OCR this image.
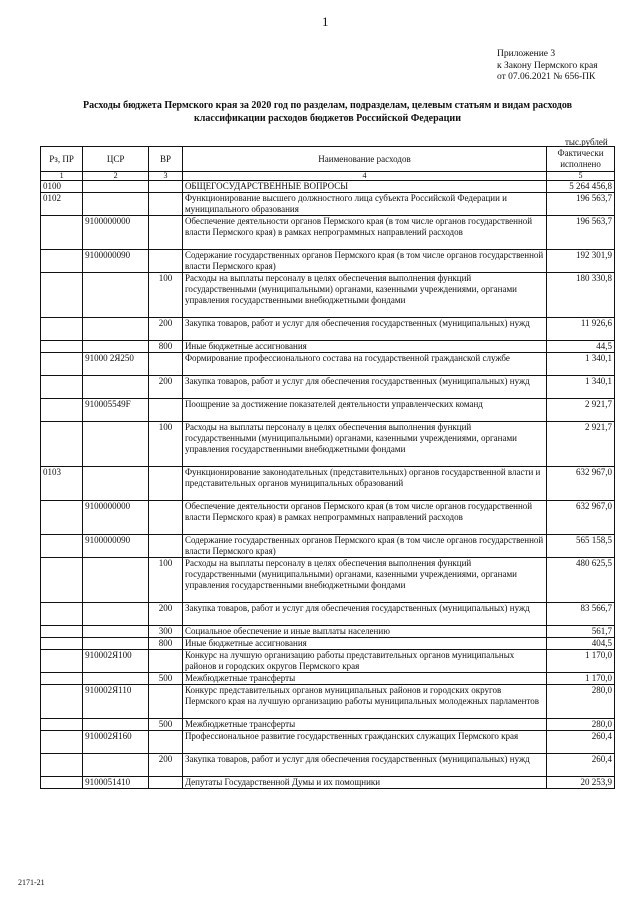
1
Приложение 3
к Закону Пермского края
от 07.06.2021 № 656-ПК
Расходы бюджета Пермского края за 2020 год по разделам, подразделам, целевым статьям и видам расходов
классификации расходов бюджетов Российской Федерации
тыс.рублей
Рз, ПР	ЦСР	ВР	Наименование расходов	Фактически исполнено
1	2	3	4	5
0100			ОБЩЕГОСУДАРСТВЕННЫЕ ВОПРОСЫ	5 264 456,8
0102			Функционирование высшего должностного лица субъекта Российской Федерации и муниципального образования	196 563,7
	9100000000		Обеспечение деятельности органов Пермского края (в том числе органов государственной власти Пермского края) в рамках непрограммных направлений расходов	196 563,7
	9100000090		Содержание государственных органов Пермского края (в том числе органов государственной власти Пермского края)	192 301,9
		100	Расходы на выплаты персоналу в целях обеспечения выполнения функций государственными (муниципальными) органами, казенными учреждениями, органами управления государственными внебюджетными фондами	180 330,8
		200	Закупка товаров, работ и услуг для обеспечения государственных (муниципальных) нужд	11 926,6
		800	Иные бюджетные ассигнования	44,5
	91000 2Я250		Формирование профессионального состава на государственной гражданской службе	1 340,1
		200	Закупка товаров, работ и услуг для обеспечения государственных (муниципальных) нужд	1 340,1
	910005549F		Поощрение за достижение показателей деятельности управленческих команд	2 921,7
		100	Расходы на выплаты персоналу в целях обеспечения выполнения функций государственными (муниципальными) органами, казенными учреждениями, органами управления государственными внебюджетными фондами	2 921,7
0103			Функционирование законодательных (представительных) органов государственной власти и представительных органов муниципальных образований	632 967,0
	9100000000		Обеспечение деятельности органов Пермского края (в том числе органов государственной власти Пермского края) в рамках непрограммных направлений расходов	632 967,0
	9100000090		Содержание государственных органов Пермского края (в том числе органов государственной власти Пермского края)	565 158,5
		100	Расходы на выплаты персоналу в целях обеспечения выполнения функций государственными (муниципальными) органами, казенными учреждениями, органами управления государственными внебюджетными фондами	480 625,5
		200	Закупка товаров, работ и услуг для обеспечения государственных (муниципальных) нужд	83 566,7
		300	Социальное обеспечение и иные выплаты населению	561,7
		800	Иные бюджетные ассигнования	404,5
	910002Я100		Конкурс на лучшую организацию работы представительных органов муниципальных районов и городских округов Пермского края	1 170,0
		500	Межбюджетные трансферты	1 170,0
	910002Я110		Конкурс представительных органов муниципальных районов и городских округов Пермского края на лучшую организацию работы муниципальных молодежных парламентов	280,0
		500	Межбюджетные трансферты	280,0
	910002Я160		Профессиональное развитие государственных гражданских служащих Пермского края	260,4
		200	Закупка товаров, работ и услуг для обеспечения государственных (муниципальных) нужд	260,4
	9100051410		Депутаты Государственной Думы и их помощники	20 253,9
2171-21
